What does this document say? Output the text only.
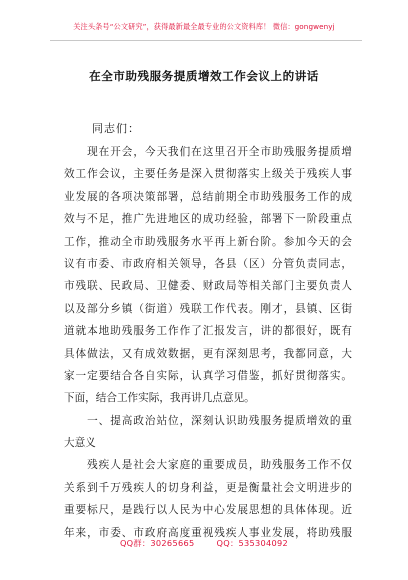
关注头条号“公文研究”，获得最新最全最专业的公文资料库！ 微信：gongwenyj
在全市助残服务提质增效工作会议上的讲话
同志们：
　　现在开会，今天我们在这里召开全市助残服务提质增
效工作会议，主要任务是深入贯彻落实上级关于残疾人事
业发展的各项决策部署，总结前期全市助残服务工作的成
效与不足，推广先进地区的成功经验，部署下一阶段重点
工作，推动全市助残服务水平再上新台阶。参加今天的会
议有市委、市政府相关领导，各县（区）分管负责同志，
市残联、民政局、卫健委、财政局等相关部门主要负责人
以及部分乡镇（街道）残联工作代表。刚才，县镇、区街
道就本地助残服务工作作了汇报发言，讲的都很好，既有
具体做法，又有成效数据，更有深刻思考，我都同意，大
家一定要结合各自实际，认真学习借鉴，抓好贯彻落实。
下面，结合工作实际，我再讲几点意见。
　　一、提高政治站位，深刻认识助残服务提质增效的重
大意义
　　残疾人是社会大家庭的重要成员，助残服务工作不仅
关系到千万残疾人的切身利益，更是衡量社会文明进步的
重要标尺，是践行以人民为中心发展思想的具体体现。近
年来，市委、市政府高度重视残疾人事业发展，将助残服
QQ群：30265665	QQ：535304092
